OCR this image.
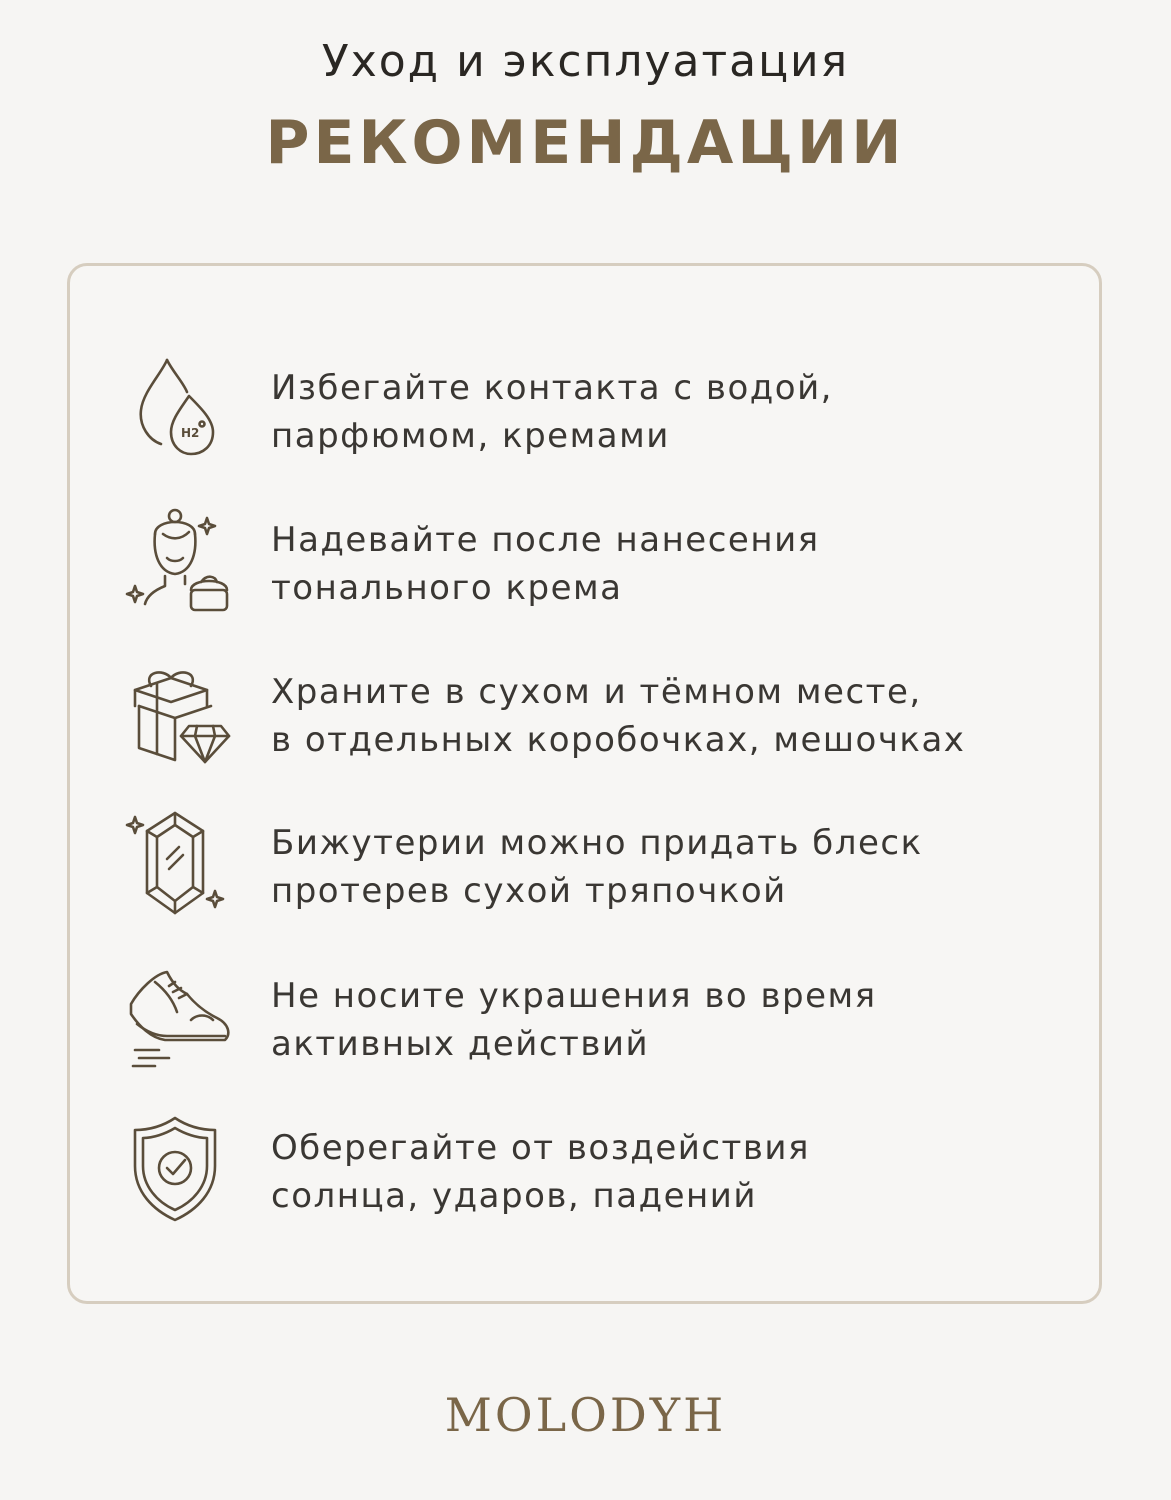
Уход и эксплуатация
РЕКОМЕНДАЦИИ
H2
Избегайте контакта с водой,
парфюмом, кремами
Надевайте после нанесения
тонального крема
Храните в сухом и тёмном месте,
в отдельных коробочках, мешочках
Бижутерии можно придать блеск
протерев сухой тряпочкой
Не носите украшения во время
активных действий
Оберегайте от воздействия
солнца, ударов, падений
MOLODYH
